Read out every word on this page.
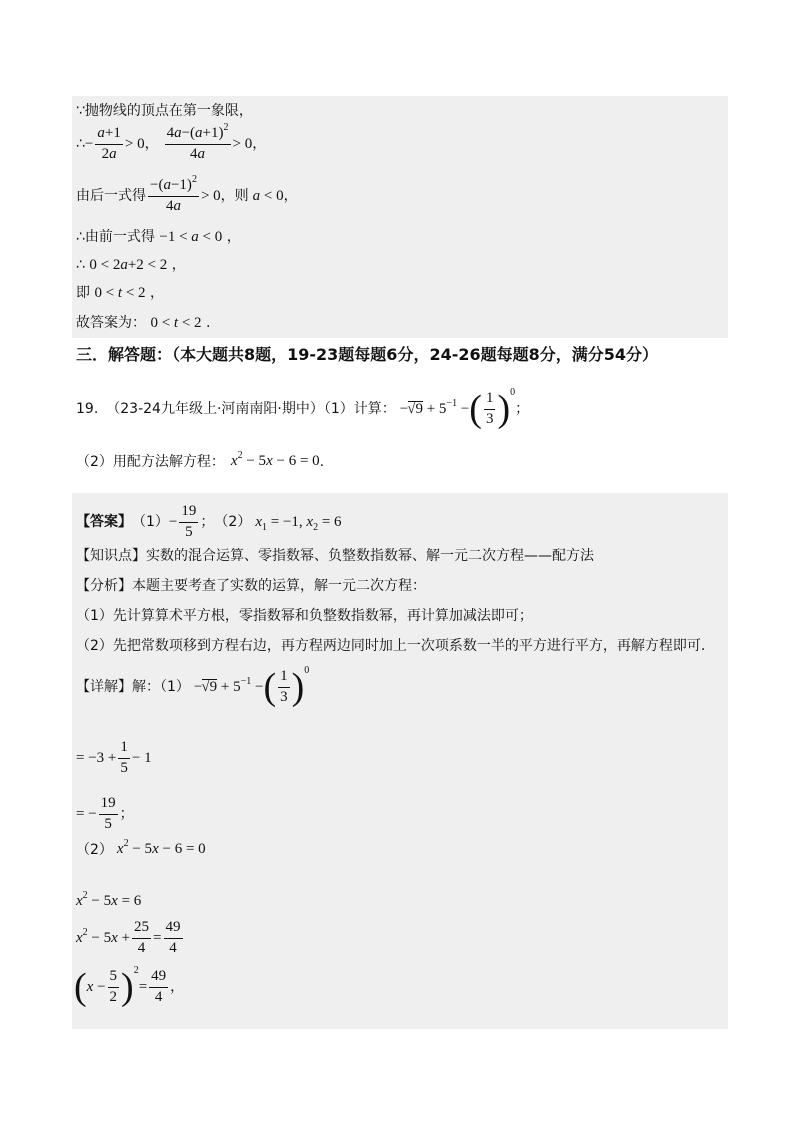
∵抛物线的顶点在第一象限，
∴ − $\frac{a+1}{2a} > 0$ ， $\frac{4a-(a+1)^2}{4a} > 0$ ，
由后一式得 $\frac{-(a-1)^2}{4a} > 0$ ，则 a < 0 ，
∴由前一式得 −1 < a < 0 ，
∴ 0 < 2a+2 < 2 ，
即 0 < t < 2 ，
故答案为： 0 < t < 2 .
三．解答题：（本大题共8题，19-23题每题6分，24-26题每题8分，满分54分）
19. （23-24九年级上·河南南阳·期中）（1）计算： − $√9 + 5^{-1}$ − ( $\frac{1}{3}$ ) 0
；
（2）用配方法解方程： $x^2 - 5x - 6 = 0$ .
【答案】 $(1) - \frac{19}{5}$ ； （2） $x_1 = -1$, $x_2 = 6$
【知识点】实数的混合运算、零指数幂、负整数指数幂、解一元二次方程——配方法
【分析】本题主要考查了实数的运算，解一元二次方程：
（1）先计算算术平方根，零指数幂和负整数指数幂，再计算加减法即可；
（2）先把常数项移到方程右边，再方程两边同时加上一次项系数一半的平方进行平方，再解方程即可.
【详解】解：$(1) - √9 + 5^{-1}$ − ( $\frac{1}{3}$ ) 0
= $-3 + \frac{1}{5} - 1$
= − $\frac{19}{5}$ ；
（2） $x^2 - 5x - 6 = 0$
$x^2 - 5x = 6$
$x^2 - 5x + \frac{25}{4} = \frac{49}{4}$
( $x - \frac{5}{2}$ ) 2
= $\frac{49}{4}$ ，
